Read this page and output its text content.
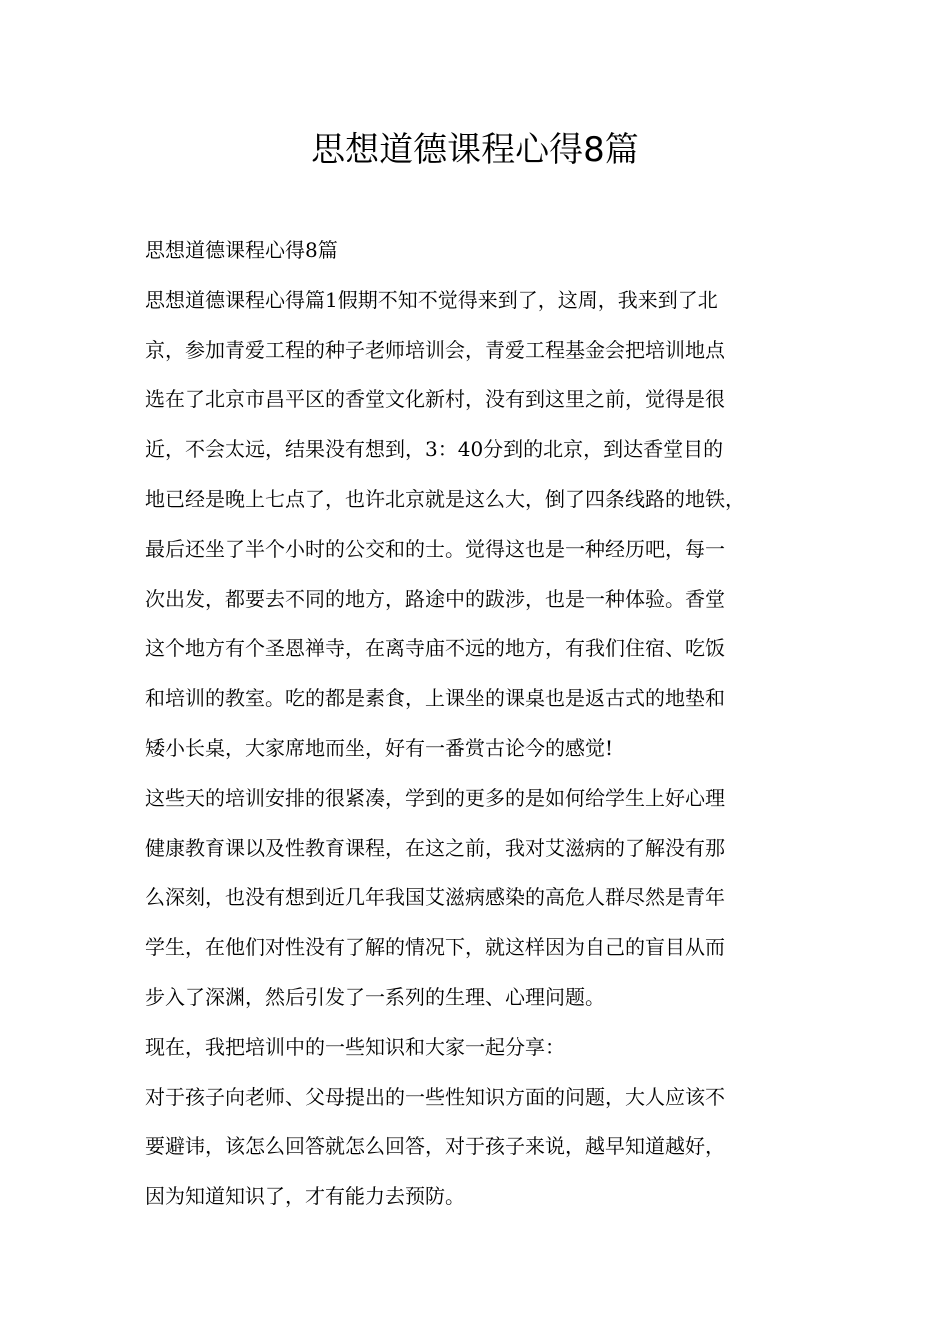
思想道德课程心得8篇

思想道德课程心得8篇

思想道德课程心得篇1假期不知不觉得来到了，这周，我来到了北

京，参加青爱工程的种子老师培训会，青爱工程基金会把培训地点

选在了北京市昌平区的香堂文化新村，没有到这里之前，觉得是很

近，不会太远，结果没有想到，3：40分到的北京，到达香堂目的

地已经是晚上七点了，也许北京就是这么大，倒了四条线路的地铁，

最后还坐了半个小时的公交和的士。觉得这也是一种经历吧，每一

次出发，都要去不同的地方，路途中的跋涉，也是一种体验。香堂

这个地方有个圣恩禅寺，在离寺庙不远的地方，有我们住宿、吃饭

和培训的教室。吃的都是素食，上课坐的课桌也是返古式的地垫和

矮小长桌，大家席地而坐，好有一番赏古论今的感觉!

这些天的培训安排的很紧凑，学到的更多的是如何给学生上好心理

健康教育课以及性教育课程，在这之前，我对艾滋病的了解没有那

么深刻，也没有想到近几年我国艾滋病感染的高危人群尽然是青年

学生，在他们对性没有了解的情况下，就这样因为自己的盲目从而

步入了深渊，然后引发了一系列的生理、心理问题。

现在，我把培训中的一些知识和大家一起分享：

对于孩子向老师、父母提出的一些性知识方面的问题，大人应该不

要避讳，该怎么回答就怎么回答，对于孩子来说，越早知道越好，

因为知道知识了，才有能力去预防。
